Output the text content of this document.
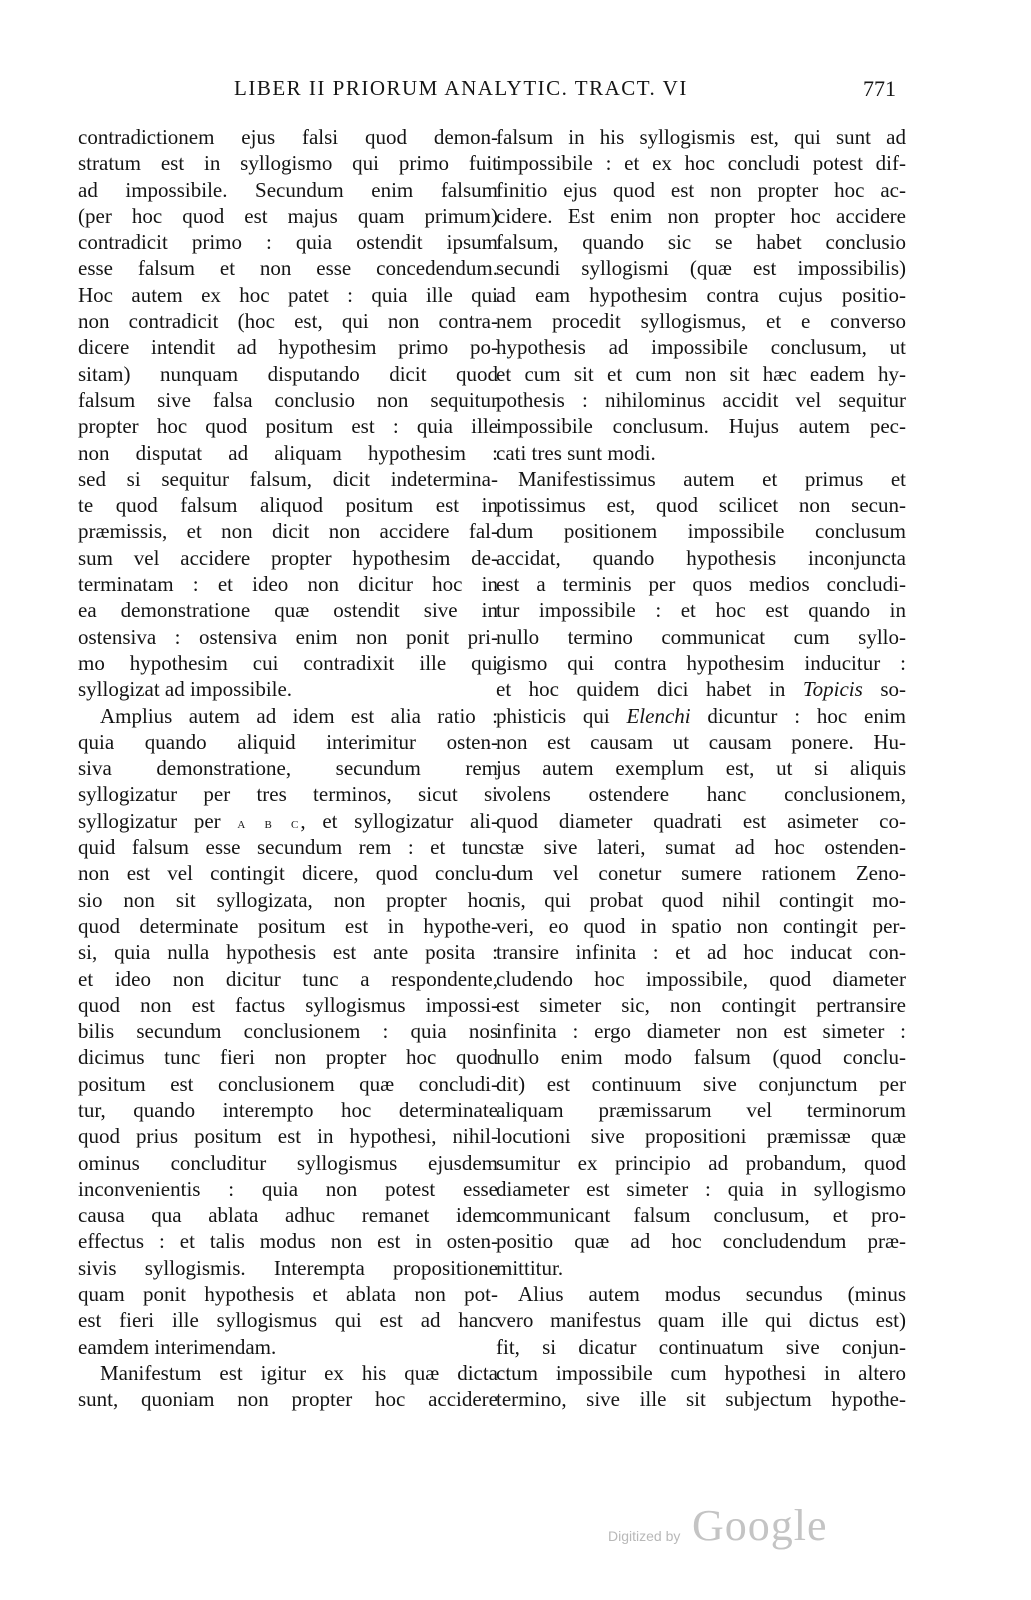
LIBER II PRIORUM ANALYTIC. TRACT. VI	771
contradictionem ejus falsi quod demon-
stratum est in syllogismo qui primo fuit
ad impossibile. Secundum enim falsum
(per hoc quod est majus quam primum)
contradicit primo : quia ostendit ipsum
esse falsum et non esse concedendum.
Hoc autem ex hoc patet : quia ille qui
non contradicit (hoc est, qui non contra-
dicere intendit ad hypothesim primo po-
sitam) nunquam disputando dicit quod
falsum sive falsa conclusio non sequitur
propter hoc quod positum est : quia ille
non disputat ad aliquam hypothesim :
sed si sequitur falsum, dicit indetermina-
te quod falsum aliquod positum est in
præmissis, et non dicit non accidere fal-
sum vel accidere propter hypothesim de-
terminatam : et ideo non dicitur hoc in
ea demonstratione quæ ostendit sive in
ostensiva : ostensiva enim non ponit pri-
mo hypothesim cui contradixit ille qui
syllogizat ad impossibile.
Amplius autem ad idem est alia ratio :
quia quando aliquid interimitur osten-
siva demonstratione, secundum rem
syllogizatur per tres terminos, sicut si
syllogizatur per a b c, et syllogizatur ali-
quid falsum esse secundum rem : et tunc
non est vel contingit dicere, quod conclu-
sio non sit syllogizata, non propter hoc
quod determinate positum est in hypothe-
si, quia nulla hypothesis est ante posita :
et ideo non dicitur tunc a respondente,
quod non est factus syllogismus impossi-
bilis secundum conclusionem : quia nos
dicimus tunc fieri non propter hoc quod
positum est conclusionem quæ concludi-
tur, quando interempto hoc determinate
quod prius positum est in hypothesi, nihil-
ominus concluditur syllogismus ejusdem
inconvenientis : quia non potest esse
causa qua ablata adhuc remanet idem
effectus : et talis modus non est in osten-
sivis syllogismis. Interempta propositione
quam ponit hypothesis et ablata non pot-
est fieri ille syllogismus qui est ad hanc
eamdem interimendam.
Manifestum est igitur ex his quæ dicta
sunt, quoniam non propter hoc accidere
falsum in his syllogismis est, qui sunt ad
impossibile : et ex hoc concludi potest dif-
finitio ejus quod est non propter hoc ac-
cidere. Est enim non propter hoc accidere
falsum, quando sic se habet conclusio
secundi syllogismi (quæ est impossibilis)
ad eam hypothesim contra cujus positio-
nem procedit syllogismus, et e converso
hypothesis ad impossibile conclusum, ut
et cum sit et cum non sit hæc eadem hy-
pothesis : nihilominus accidit vel sequitur
impossibile conclusum. Hujus autem pec-
cati tres sunt modi.
Manifestissimus autem et primus et
potissimus est, quod scilicet non secun-
dum positionem impossibile conclusum
accidat, quando hypothesis inconjuncta
est a terminis per quos medios concludi-
tur impossibile : et hoc est quando in
nullo termino communicat cum syllo-
gismo qui contra hypothesim inducitur :
et hoc quidem dici habet in Topicis so-
phisticis qui Elenchi dicuntur : hoc enim
non est causam ut causam ponere. Hu-
jus autem exemplum est, ut si aliquis
volens ostendere hanc conclusionem,
quod diameter quadrati est asimeter co-
stæ sive lateri, sumat ad hoc ostenden-
dum vel conetur sumere rationem Zeno-
nis, qui probat quod nihil contingit mo-
veri, eo quod in spatio non contingit per-
transire infinita : et ad hoc inducat con-
cludendo hoc impossibile, quod diameter
est simeter sic, non contingit pertransire
infinita : ergo diameter non est simeter :
nullo enim modo falsum (quod conclu-
dit) est continuum sive conjunctum per
aliquam præmissarum vel terminorum
locutioni sive propositioni præmissæ quæ
sumitur ex principio ad probandum, quod
diameter est simeter : quia in syllogismo
communicant falsum conclusum, et pro-
positio quæ ad hoc concludendum præ-
mittitur.
Alius autem modus secundus (minus
vero manifestus quam ille qui dictus est)
fit, si dicatur continuatum sive conjun-
ctum impossibile cum hypothesi in altero
termino, sive ille sit subjectum hypothe-
Digitized by Google
